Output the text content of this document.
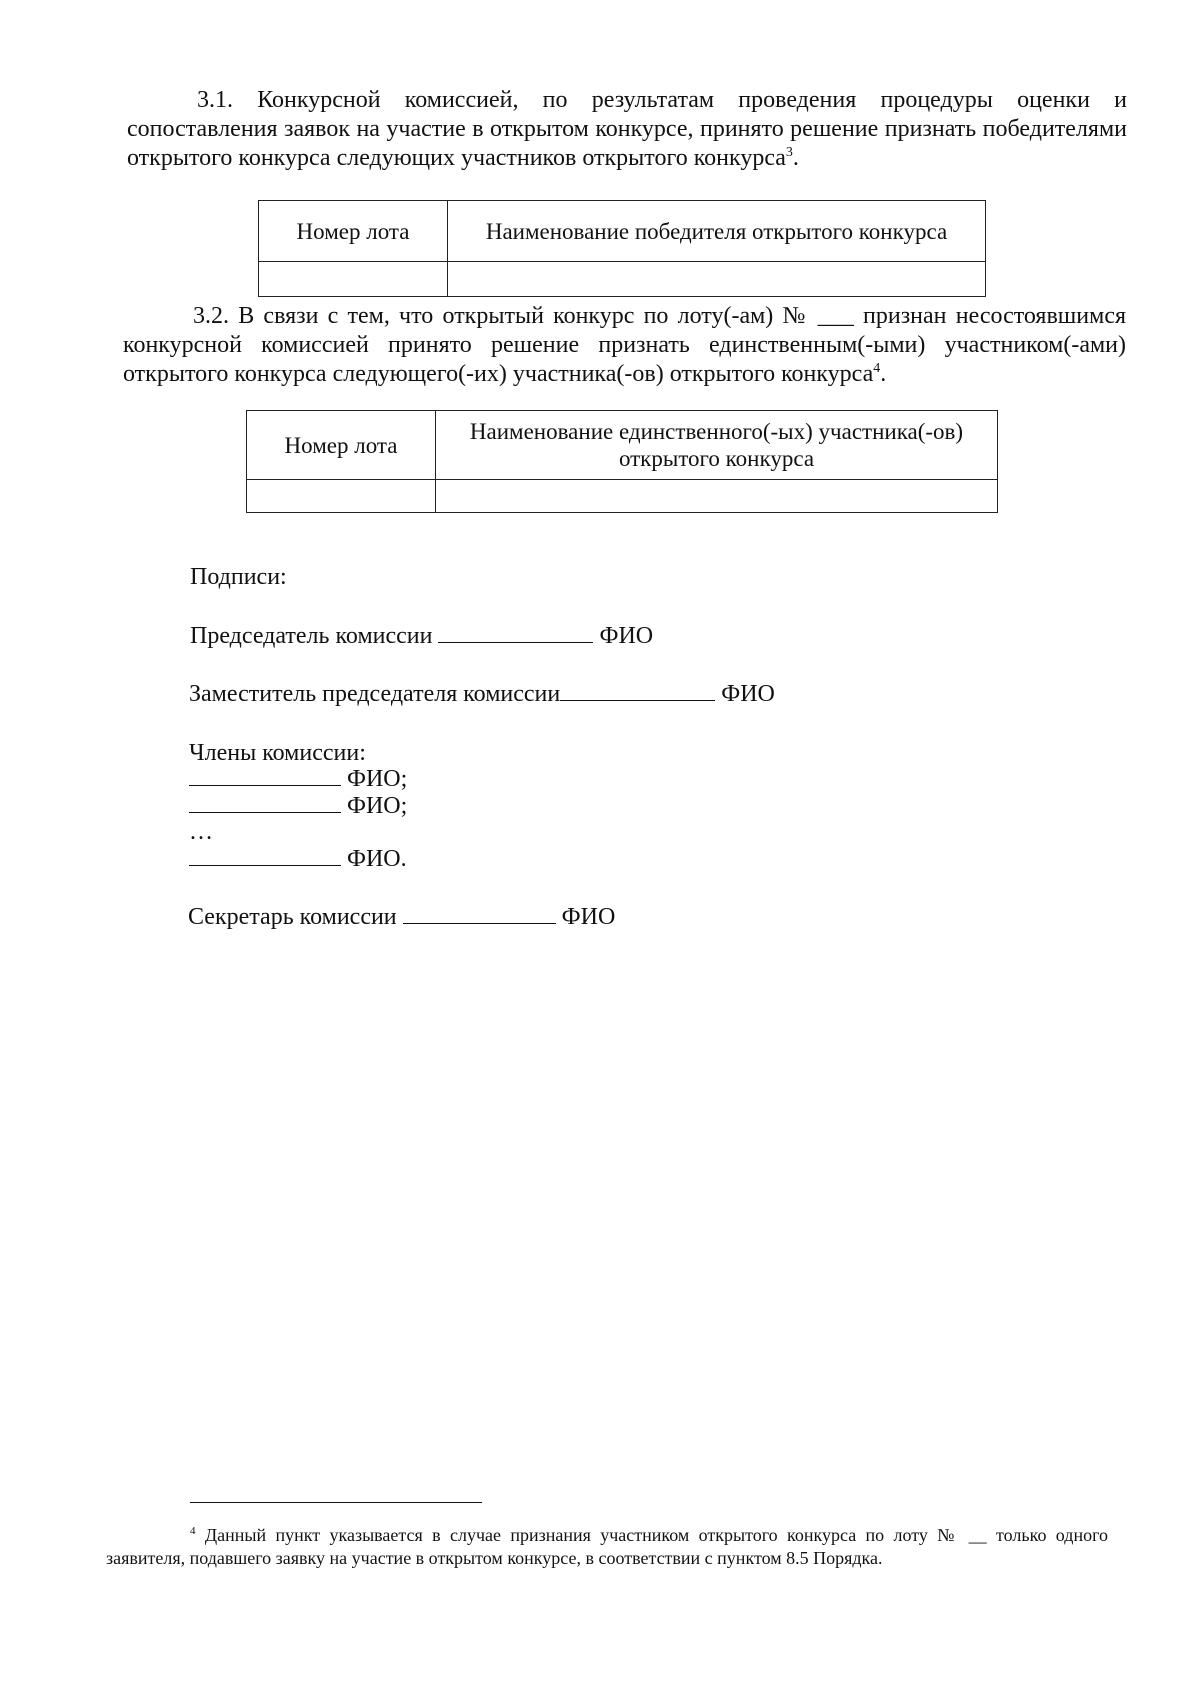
3.1. Конкурсной комиссией, по результатам проведения процедуры оценки и сопоставления заявок на участие в открытом конкурсе, принято решение признать победителями открытого конкурса следующих участников открытого конкурса$^3$.

Номер лота	Наименование победителя открытого конкурса

3.2. В связи с тем, что открытый конкурс по лоту(-ам) № ___ признан несостоявшимся конкурсной комиссией принято решение признать единственным(-ыми) участником(-ами) открытого конкурса следующего(-их) участника(-ов) открытого конкурса$^4$.

Номер лота	Наименование единственного(-ых) участника(-ов) открытого конкурса

Подписи:

Председатель комиссии	ФИО

Заместитель председателя комиссии	ФИО

Члены комиссии:

ФИО;

ФИО;

…

ФИО.

Секретарь комиссии	ФИО

$^4$ Данный пункт указывается в случае признания участником открытого конкурса по лоту № __ только одного заявителя, подавшего заявку на участие в открытом конкурсе, в соответствии с пунктом 8.5 Порядка.
